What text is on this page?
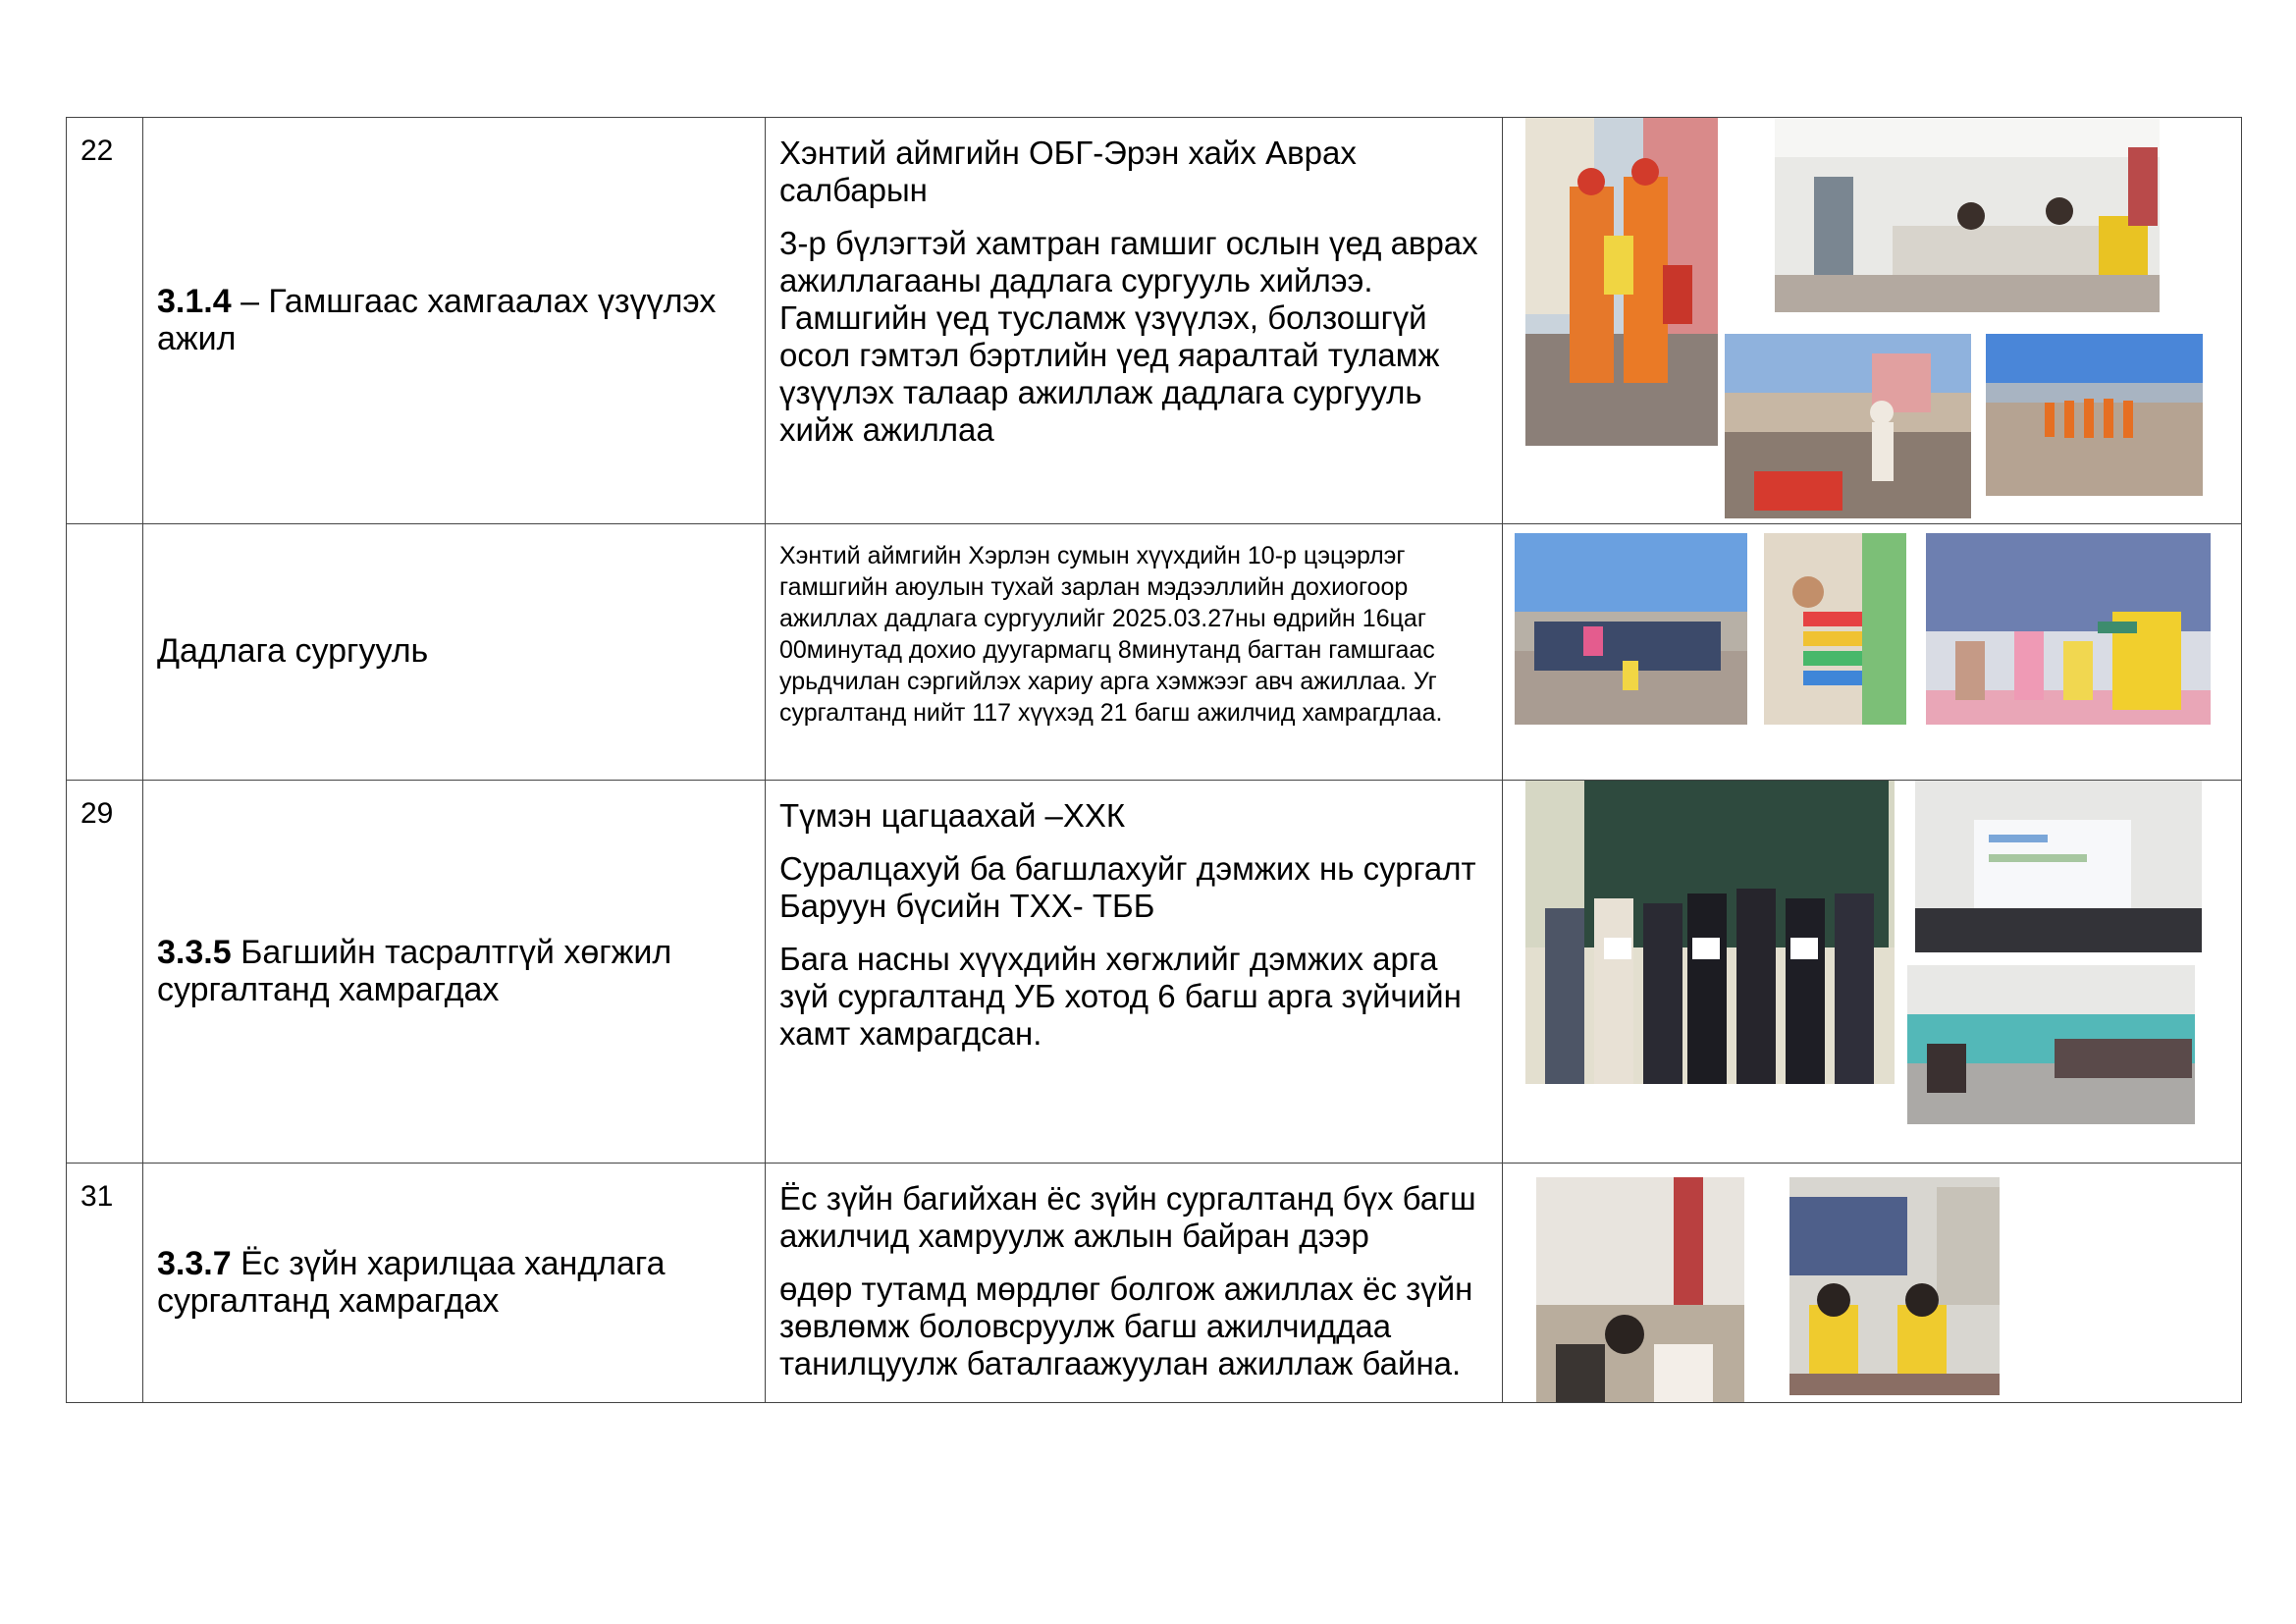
22	3.1.4 – Гамшгаас хамгаалах үзүүлэх ажил	Хэнтий аймгийн ОБГ-Эрэн хайх Аврах салбарын

3-р бүлэгтэй хамтран гамшиг ослын үед аврах ажиллагааны дадлага сургууль хийлээ. Гамшгийн үед тусламж үзүүлэх, болзошгүй осол гэмтэл бэртлийн үед яаралтай туламж үзүүлэх талаар ажиллаж дадлага сургууль хийж ажиллаа

	Дадлага сургууль	Хэнтий аймгийн Хэрлэн сумын хүүхдийн 10-р цэцэрлэг гамшгийн аюулын тухай зарлан мэдээллийн дохиогоор ажиллах дадлага сургуулийг 2025.03.27ны өдрийн 16цаг 00минутад дохио дуугармагц 8минутанд багтан гамшгаас урьдчилан сэргийлэх хариу арга хэмжээг авч ажиллаа. Уг сургалтанд нийт 117 хүүхэд 21 багш ажилчид хамрагдлаа.

29	3.3.5 Багшийн тасралтгүй хөгжил сургалтанд хамрагдах	Түмэн цагцаахай –ХХК

Суралцахуй ба багшлахуйг дэмжих нь сургалт Баруун бүсийн ТХХ- ТББ

Бага насны хүүхдийн хөгжлийг дэмжих арга зүй сургалтанд УБ хотод 6 багш арга зүйчийн хамт хамрагдсан.

31	3.3.7 Ёс зүйн харилцаа хандлага сургалтанд хамрагдах	Ёс зүйн багийхан ёс зүйн сургалтанд бүх багш ажилчид хамруулж ажлын байран дээр

өдөр тутамд мөрдлөг болгож ажиллах ёс зүйн зөвлөмж боловсруулж багш ажилчиддаа танилцуулж баталгаажуулан ажиллаж байна.
